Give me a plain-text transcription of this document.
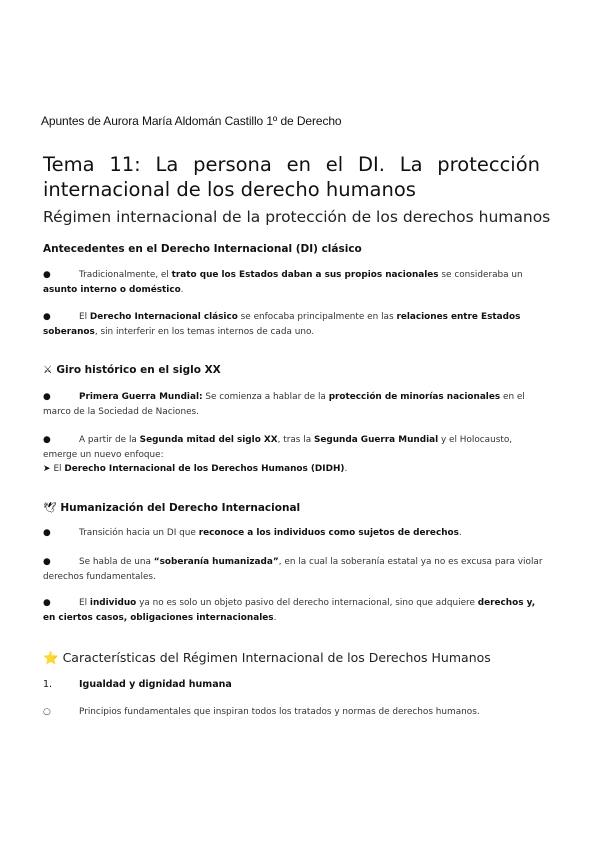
Apuntes de Aurora María Aldomán Castillo 1º de Derecho
Tema 11: La persona en el DI. La protección
internacional de los derecho humanos
Régimen internacional de la protección de los derechos humanos
Antecedentes en el Derecho Internacional (DI) clásico
●	Tradicionalmente, el trato que los Estados daban a sus propios nacionales se consideraba un asunto interno o doméstico.
●	El Derecho Internacional clásico se enfocaba principalmente en las relaciones entre Estados soberanos, sin interferir en los temas internos de cada uno.
⚔ Giro histórico en el siglo XX
●	Primera Guerra Mundial: Se comienza a hablar de la protección de minorías nacionales en el marco de la Sociedad de Naciones.
●	A partir de la Segunda mitad del siglo XX, tras la Segunda Guerra Mundial y el Holocausto, emerge un nuevo enfoque:
➤ El Derecho Internacional de los Derechos Humanos (DIDH).
🕊 Humanización del Derecho Internacional
●	Transición hacia un DI que reconoce a los individuos como sujetos de derechos.
●	Se habla de una “soberanía humanizada”, en la cual la soberanía estatal ya no es excusa para violar derechos fundamentales.
●	El individuo ya no es solo un objeto pasivo del derecho internacional, sino que adquiere derechos y, en ciertos casos, obligaciones internacionales.
⭐ Características del Régimen Internacional de los Derechos Humanos
1.	Igualdad y dignidad humana
○	Principios fundamentales que inspiran todos los tratados y normas de derechos humanos.
